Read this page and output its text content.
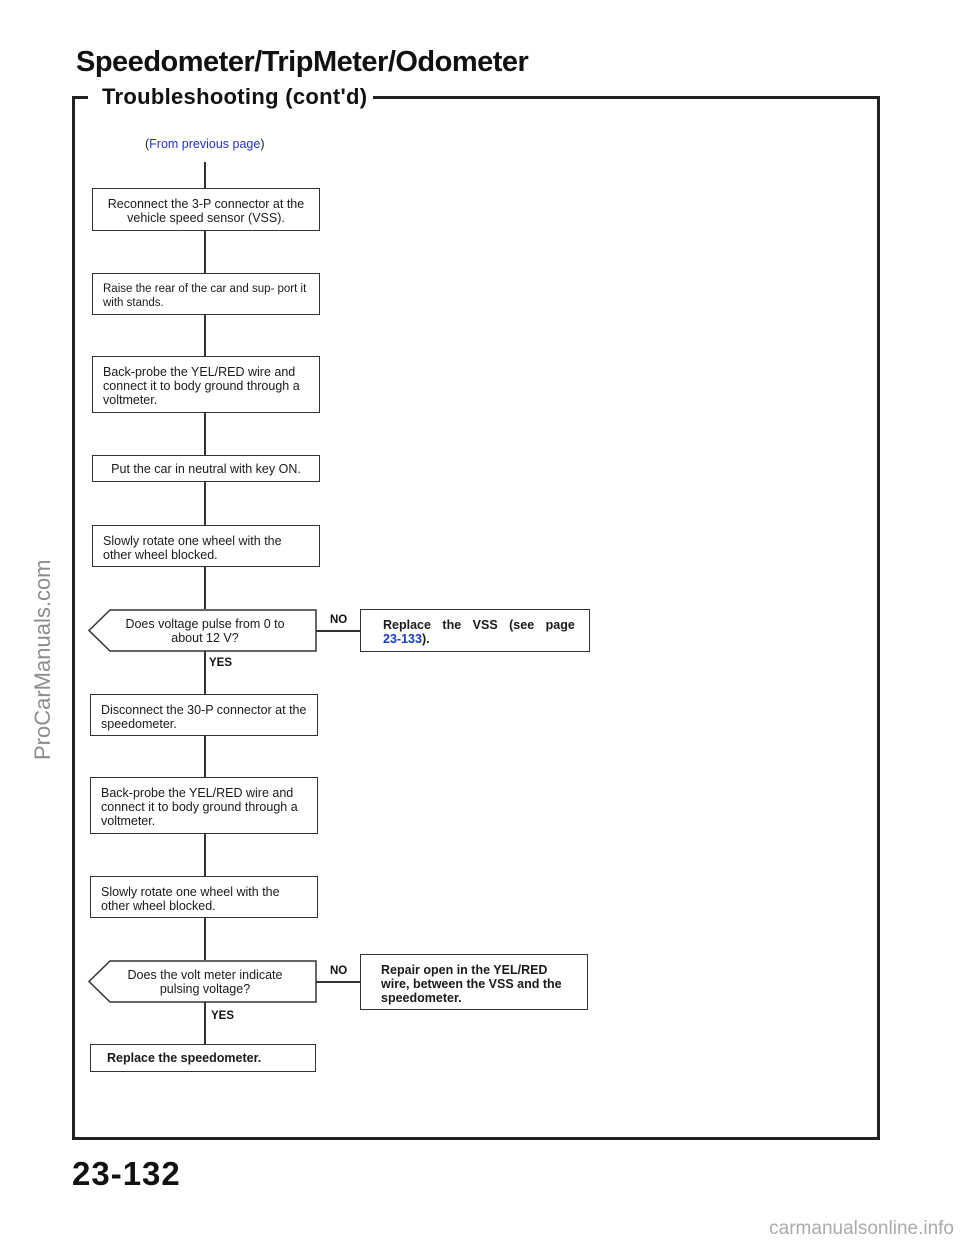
Speedometer/TripMeter/Odometer
Troubleshooting (cont'd)
(From previous page)
Reconnect the 3-P connector at the vehicle speed sensor (VSS).
Raise the rear of the car and sup- port it with stands.
Back-probe the YEL/RED wire and connect it to body ground through a voltmeter.
Put the car in neutral with key ON.
Slowly rotate one wheel with the other wheel blocked.
Does voltage pulse from 0 to
about 12 V?
NO
YES
Replace the VSS (see page
23-133).
Disconnect the 30-P connector at the speedometer.
Back-probe the YEL/RED wire and connect it to body ground through a voltmeter.
Slowly rotate one wheel with the other wheel blocked.
Does the volt meter indicate
pulsing voltage?
NO
YES
Repair open in the YEL/RED wire, between the VSS and the speedometer.
Replace the speedometer.
23-132
ProCarManuals.com
carmanualsonline.info
